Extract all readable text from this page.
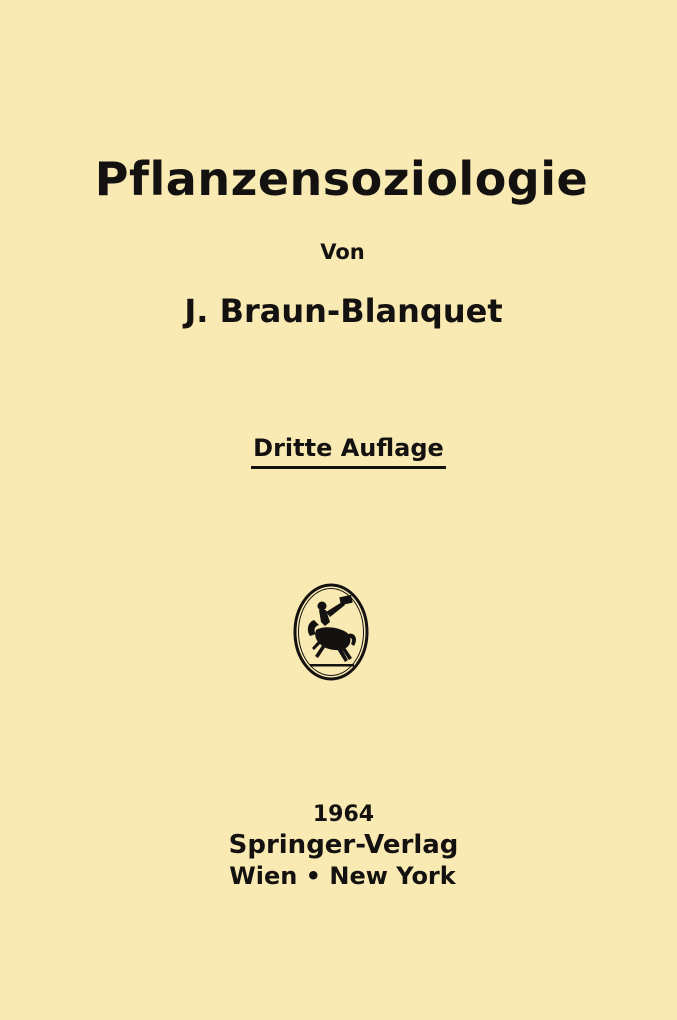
Pflanzensoziologie
Von
J. Braun-Blanquet
Dritte Auflage
1964
Springer-Verlag
Wien • New York
